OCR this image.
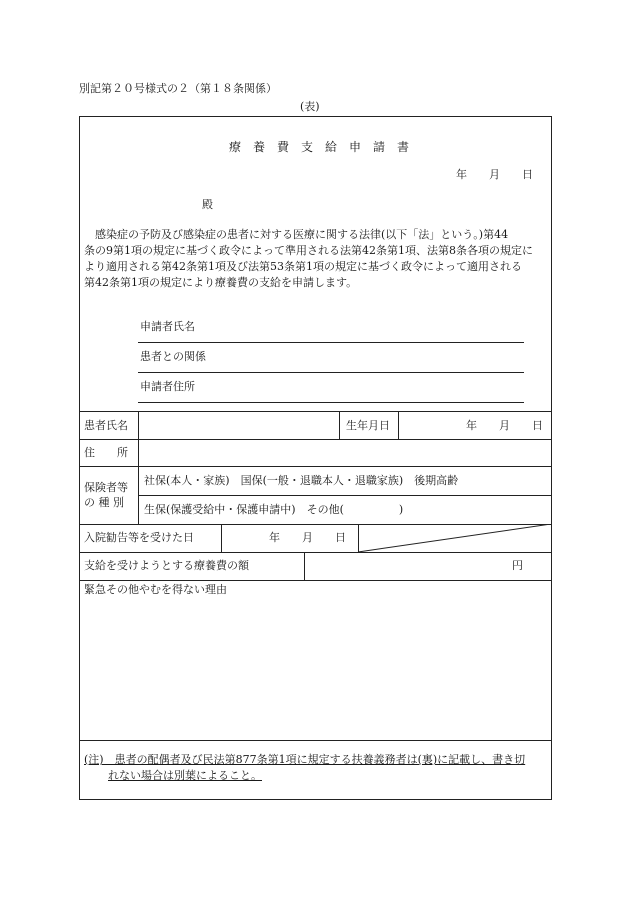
別記第２０号様式の２（第１８条関係）
(表)
療　養　費　支　給　申　請　書
年　　月　　日
殿
　感染症の予防及び感染症の患者に対する医療に関する法律(以下「法」という。)第44
条の9第1項の規定に基づく政令によって準用される法第42条第1項、法第8条各項の規定に
より適用される第42条第1項及び法第53条第1項の規定に基づく政令によって適用される
第42条第1項の規定により療養費の支給を申請します。
申請者氏名
患者との関係
申請者住所
患者氏名	生年月日	年　　月　　日
住　　所
保険者等
の 種 別
社保(本人・家族)　国保(一般・退職本人・退職家族)　後期高齢
生保(保護受給中・保護申請中)　その他(　　　　　)
入院勧告等を受けた日	年　　月　　日
支給を受けようとする療養費の額	円
緊急その他やむを得ない理由
(注)　患者の配偶者及び民法第877条第1項に規定する扶養義務者は(裏)に記載し、書き切
れない場合は別葉によること。
